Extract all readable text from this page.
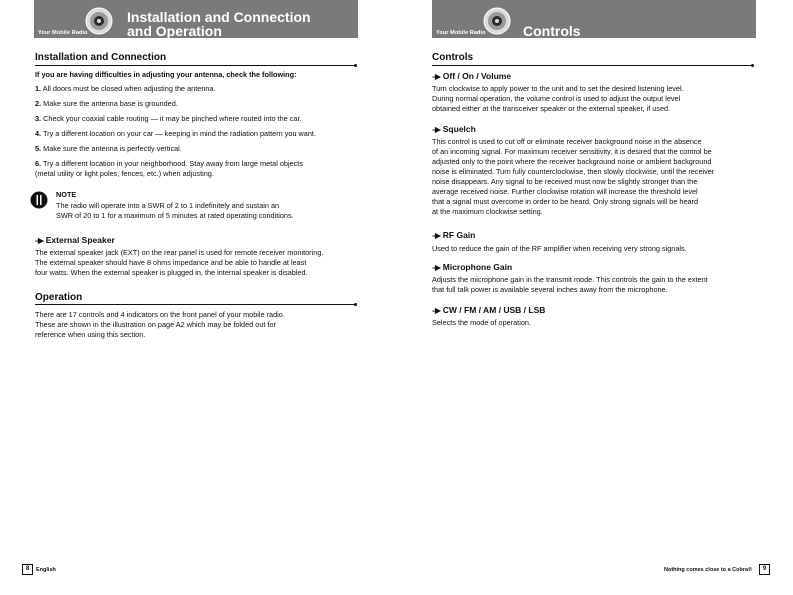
Your Mobile Radio
Installation and Connection
and Operation
Installation and Connection
If you are having difficulties in adjusting your antenna, check the following:
1. All doors must be closed when adjusting the antenna.
2. Make sure the antenna base is grounded.
3. Check your coaxial cable routing — it may be pinched where routed into the car.
4. Try a different location on your car — keeping in mind the radiation pattern you want.
5. Make sure the antenna is perfectly vertical.
6. Try a different location in your neighborhood. Stay away from large metal objects
(metal utility or light poles, fences, etc.) when adjusting.
NOTE
The radio will operate into a SWR of 2 to 1 indefinitely and sustain an
SWR of 20 to 1 for a maximum of 5 minutes at rated operating conditions.
--▶ External Speaker
The external speaker jack (EXT) on the rear panel is used for remote receiver monitoring.
The external speaker should have 8 ohms impedance and be able to handle at least
four watts. When the external speaker is plugged in, the internal speaker is disabled.
Operation
There are 17 controls and 4 indicators on the front panel of your mobile radio.
These are shown in the illustration on page A2 which may be folded out for
reference when using this section.
8	English
Your Mobile Radio	Controls
Controls
--▶ Off / On / Volume
Turn clockwise to apply power to the unit and to set the desired listening level.
During normal operation, the volume control is used to adjust the output level
obtained either at the transceiver speaker or the external speaker, if used.
--▶ Squelch
This control is used to cut off or eliminate receiver background noise in the absence
of an incoming signal. For maximum receiver sensitivity, it is desired that the control be
adjusted only to the point where the receiver background noise or ambient background
noise is eliminated. Turn fully counterclockwise, then slowly clockwise, until the receiver
noise disappears. Any signal to be received must now be slightly stronger than the
average received noise. Further clockwise rotation will increase the threshold level
that a signal must overcome in order to be heard. Only strong signals will be heard
at the maximum clockwise setting.
--▶ RF Gain
Used to reduce the gain of the RF amplifier when receiving very strong signals.
--▶ Microphone Gain
Adjusts the microphone gain in the transmit mode. This controls the gain to the extent
that full talk power is available several inches away from the microphone.
--▶ CW / FM / AM / USB / LSB
Selects the mode of operation.
Nothing comes close to a Cobra®	9
